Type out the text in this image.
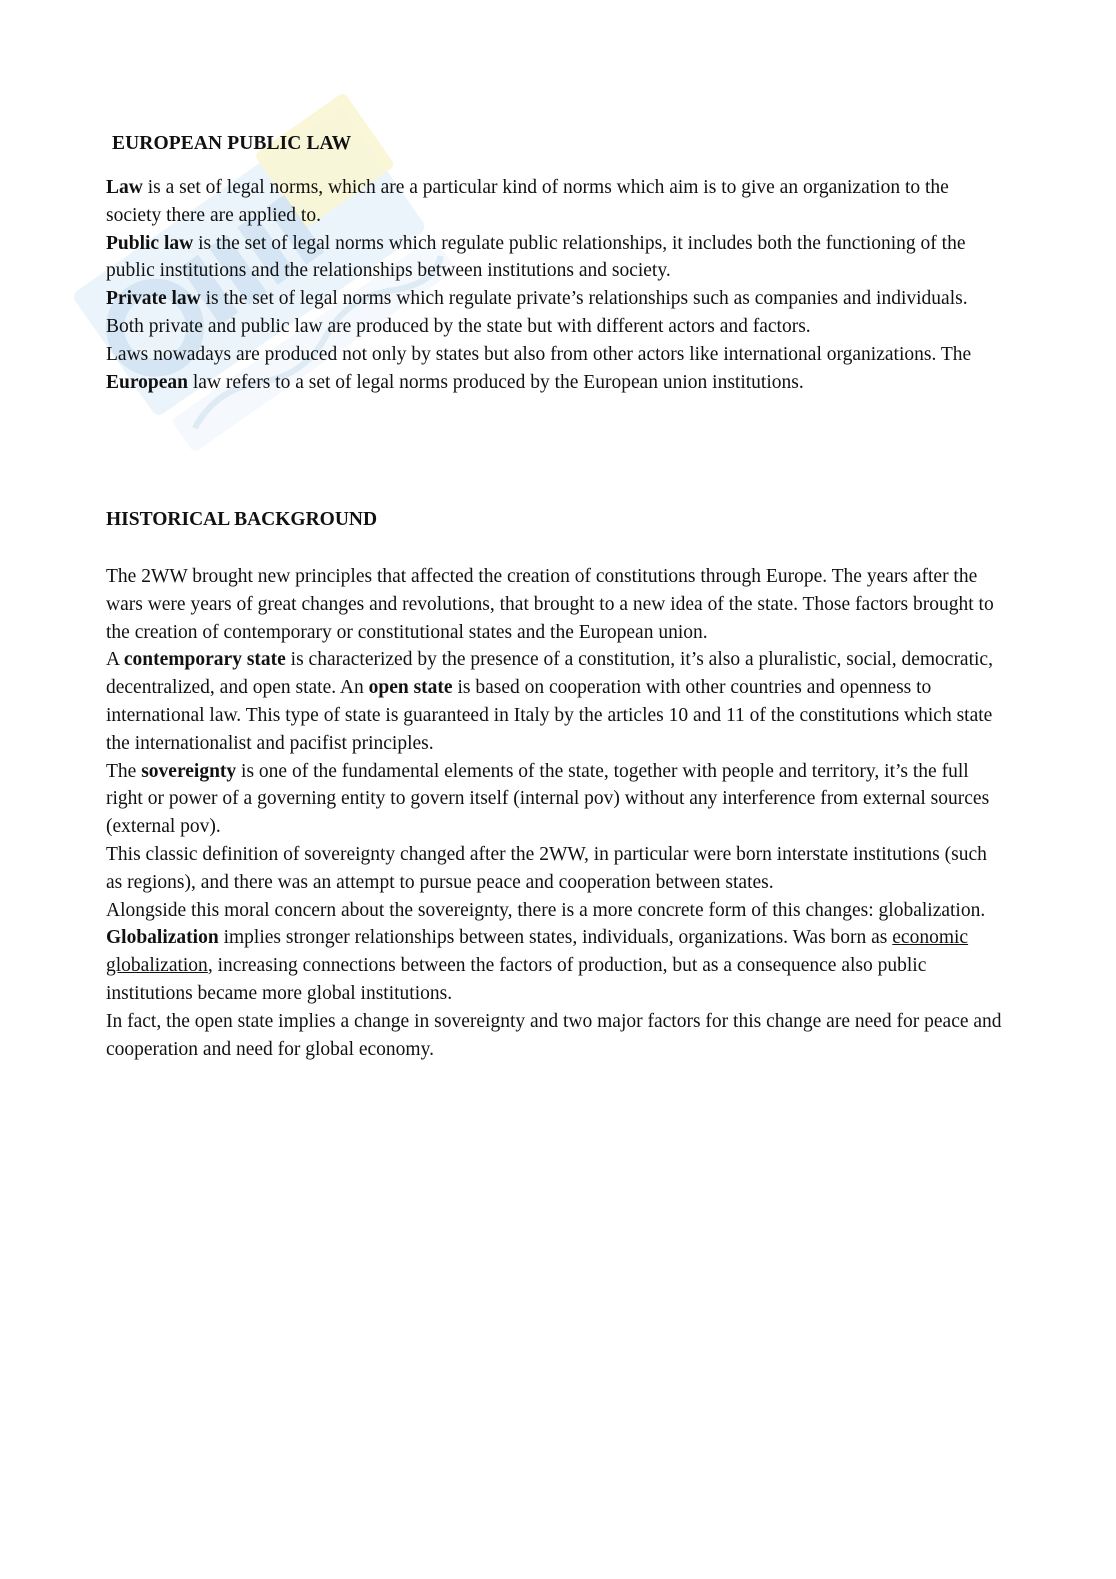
EUROPEAN PUBLIC LAW

Law is a set of legal norms, which are a particular kind of norms which aim is to give an organization to the society there are applied to.

Public law is the set of legal norms which regulate public relationships, it includes both the functioning of the public institutions and the relationships between institutions and society.

Private law is the set of legal norms which regulate private’s relationships such as companies and individuals.

Both private and public law are produced by the state but with different actors and factors.

Laws nowadays are produced not only by states but also from other actors like international organizations. The European law refers to a set of legal norms produced by the European union institutions.

HISTORICAL BACKGROUND

The 2WW brought new principles that affected the creation of constitutions through Europe. The years after the wars were years of great changes and revolutions, that brought to a new idea of the state. Those factors brought to the creation of contemporary or constitutional states and the European union.

A contemporary state is characterized by the presence of a constitution, it’s also a pluralistic, social, democratic, decentralized, and open state. An open state is based on cooperation with other countries and openness to international law. This type of state is guaranteed in Italy by the articles 10 and 11 of the constitutions which state the internationalist and pacifist principles.

The sovereignty is one of the fundamental elements of the state, together with people and territory, it’s the full right or power of a governing entity to govern itself (internal pov) without any interference from external sources (external pov).

This classic definition of sovereignty changed after the 2WW, in particular were born interstate institutions (such as regions), and there was an attempt to pursue peace and cooperation between states.

Alongside this moral concern about the sovereignty, there is a more concrete form of this changes: globalization. Globalization implies stronger relationships between states, individuals, organizations. Was born as economic globalization, increasing connections between the factors of production, but as a consequence also public institutions became more global institutions.

In fact, the open state implies a change in sovereignty and two major factors for this change are need for peace and cooperation and need for global economy.
